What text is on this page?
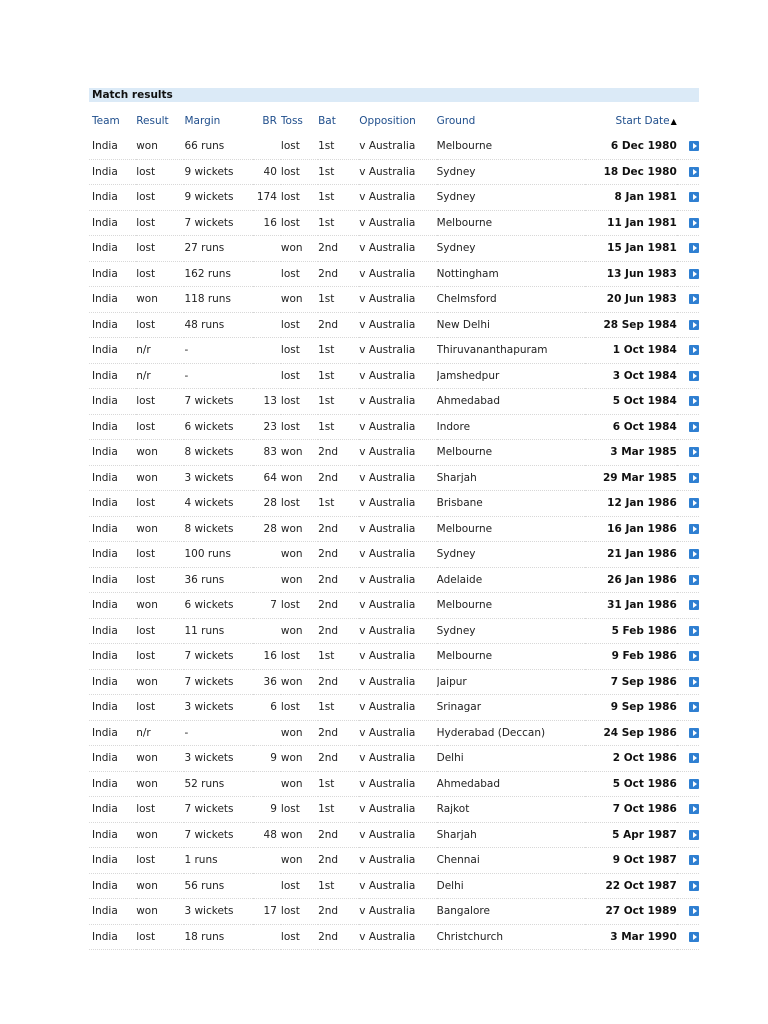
Match results
Team	Result	Margin	BR	Toss	Bat	Opposition	Ground	Start Date▲	
India	won	66 runs		lost	1st	v Australia	Melbourne	6 Dec 1980	
India	lost	9 wickets	40	lost	1st	v Australia	Sydney	18 Dec 1980	
India	lost	9 wickets	174	lost	1st	v Australia	Sydney	8 Jan 1981	
India	lost	7 wickets	16	lost	1st	v Australia	Melbourne	11 Jan 1981	
India	lost	27 runs		won	2nd	v Australia	Sydney	15 Jan 1981	
India	lost	162 runs		lost	2nd	v Australia	Nottingham	13 Jun 1983	
India	won	118 runs		won	1st	v Australia	Chelmsford	20 Jun 1983	
India	lost	48 runs		lost	2nd	v Australia	New Delhi	28 Sep 1984	
India	n/r	-		lost	1st	v Australia	Thiruvananthapuram	1 Oct 1984	
India	n/r	-		lost	1st	v Australia	Jamshedpur	3 Oct 1984	
India	lost	7 wickets	13	lost	1st	v Australia	Ahmedabad	5 Oct 1984	
India	lost	6 wickets	23	lost	1st	v Australia	Indore	6 Oct 1984	
India	won	8 wickets	83	won	2nd	v Australia	Melbourne	3 Mar 1985	
India	won	3 wickets	64	won	2nd	v Australia	Sharjah	29 Mar 1985	
India	lost	4 wickets	28	lost	1st	v Australia	Brisbane	12 Jan 1986	
India	won	8 wickets	28	won	2nd	v Australia	Melbourne	16 Jan 1986	
India	lost	100 runs		won	2nd	v Australia	Sydney	21 Jan 1986	
India	lost	36 runs		won	2nd	v Australia	Adelaide	26 Jan 1986	
India	won	6 wickets	7	lost	2nd	v Australia	Melbourne	31 Jan 1986	
India	lost	11 runs		won	2nd	v Australia	Sydney	5 Feb 1986	
India	lost	7 wickets	16	lost	1st	v Australia	Melbourne	9 Feb 1986	
India	won	7 wickets	36	won	2nd	v Australia	Jaipur	7 Sep 1986	
India	lost	3 wickets	6	lost	1st	v Australia	Srinagar	9 Sep 1986	
India	n/r	-		won	2nd	v Australia	Hyderabad (Deccan)	24 Sep 1986	
India	won	3 wickets	9	won	2nd	v Australia	Delhi	2 Oct 1986	
India	won	52 runs		won	1st	v Australia	Ahmedabad	5 Oct 1986	
India	lost	7 wickets	9	lost	1st	v Australia	Rajkot	7 Oct 1986	
India	won	7 wickets	48	won	2nd	v Australia	Sharjah	5 Apr 1987	
India	lost	1 runs		won	2nd	v Australia	Chennai	9 Oct 1987	
India	won	56 runs		lost	1st	v Australia	Delhi	22 Oct 1987	
India	won	3 wickets	17	lost	2nd	v Australia	Bangalore	27 Oct 1989	
India	lost	18 runs		lost	2nd	v Australia	Christchurch	3 Mar 1990	
